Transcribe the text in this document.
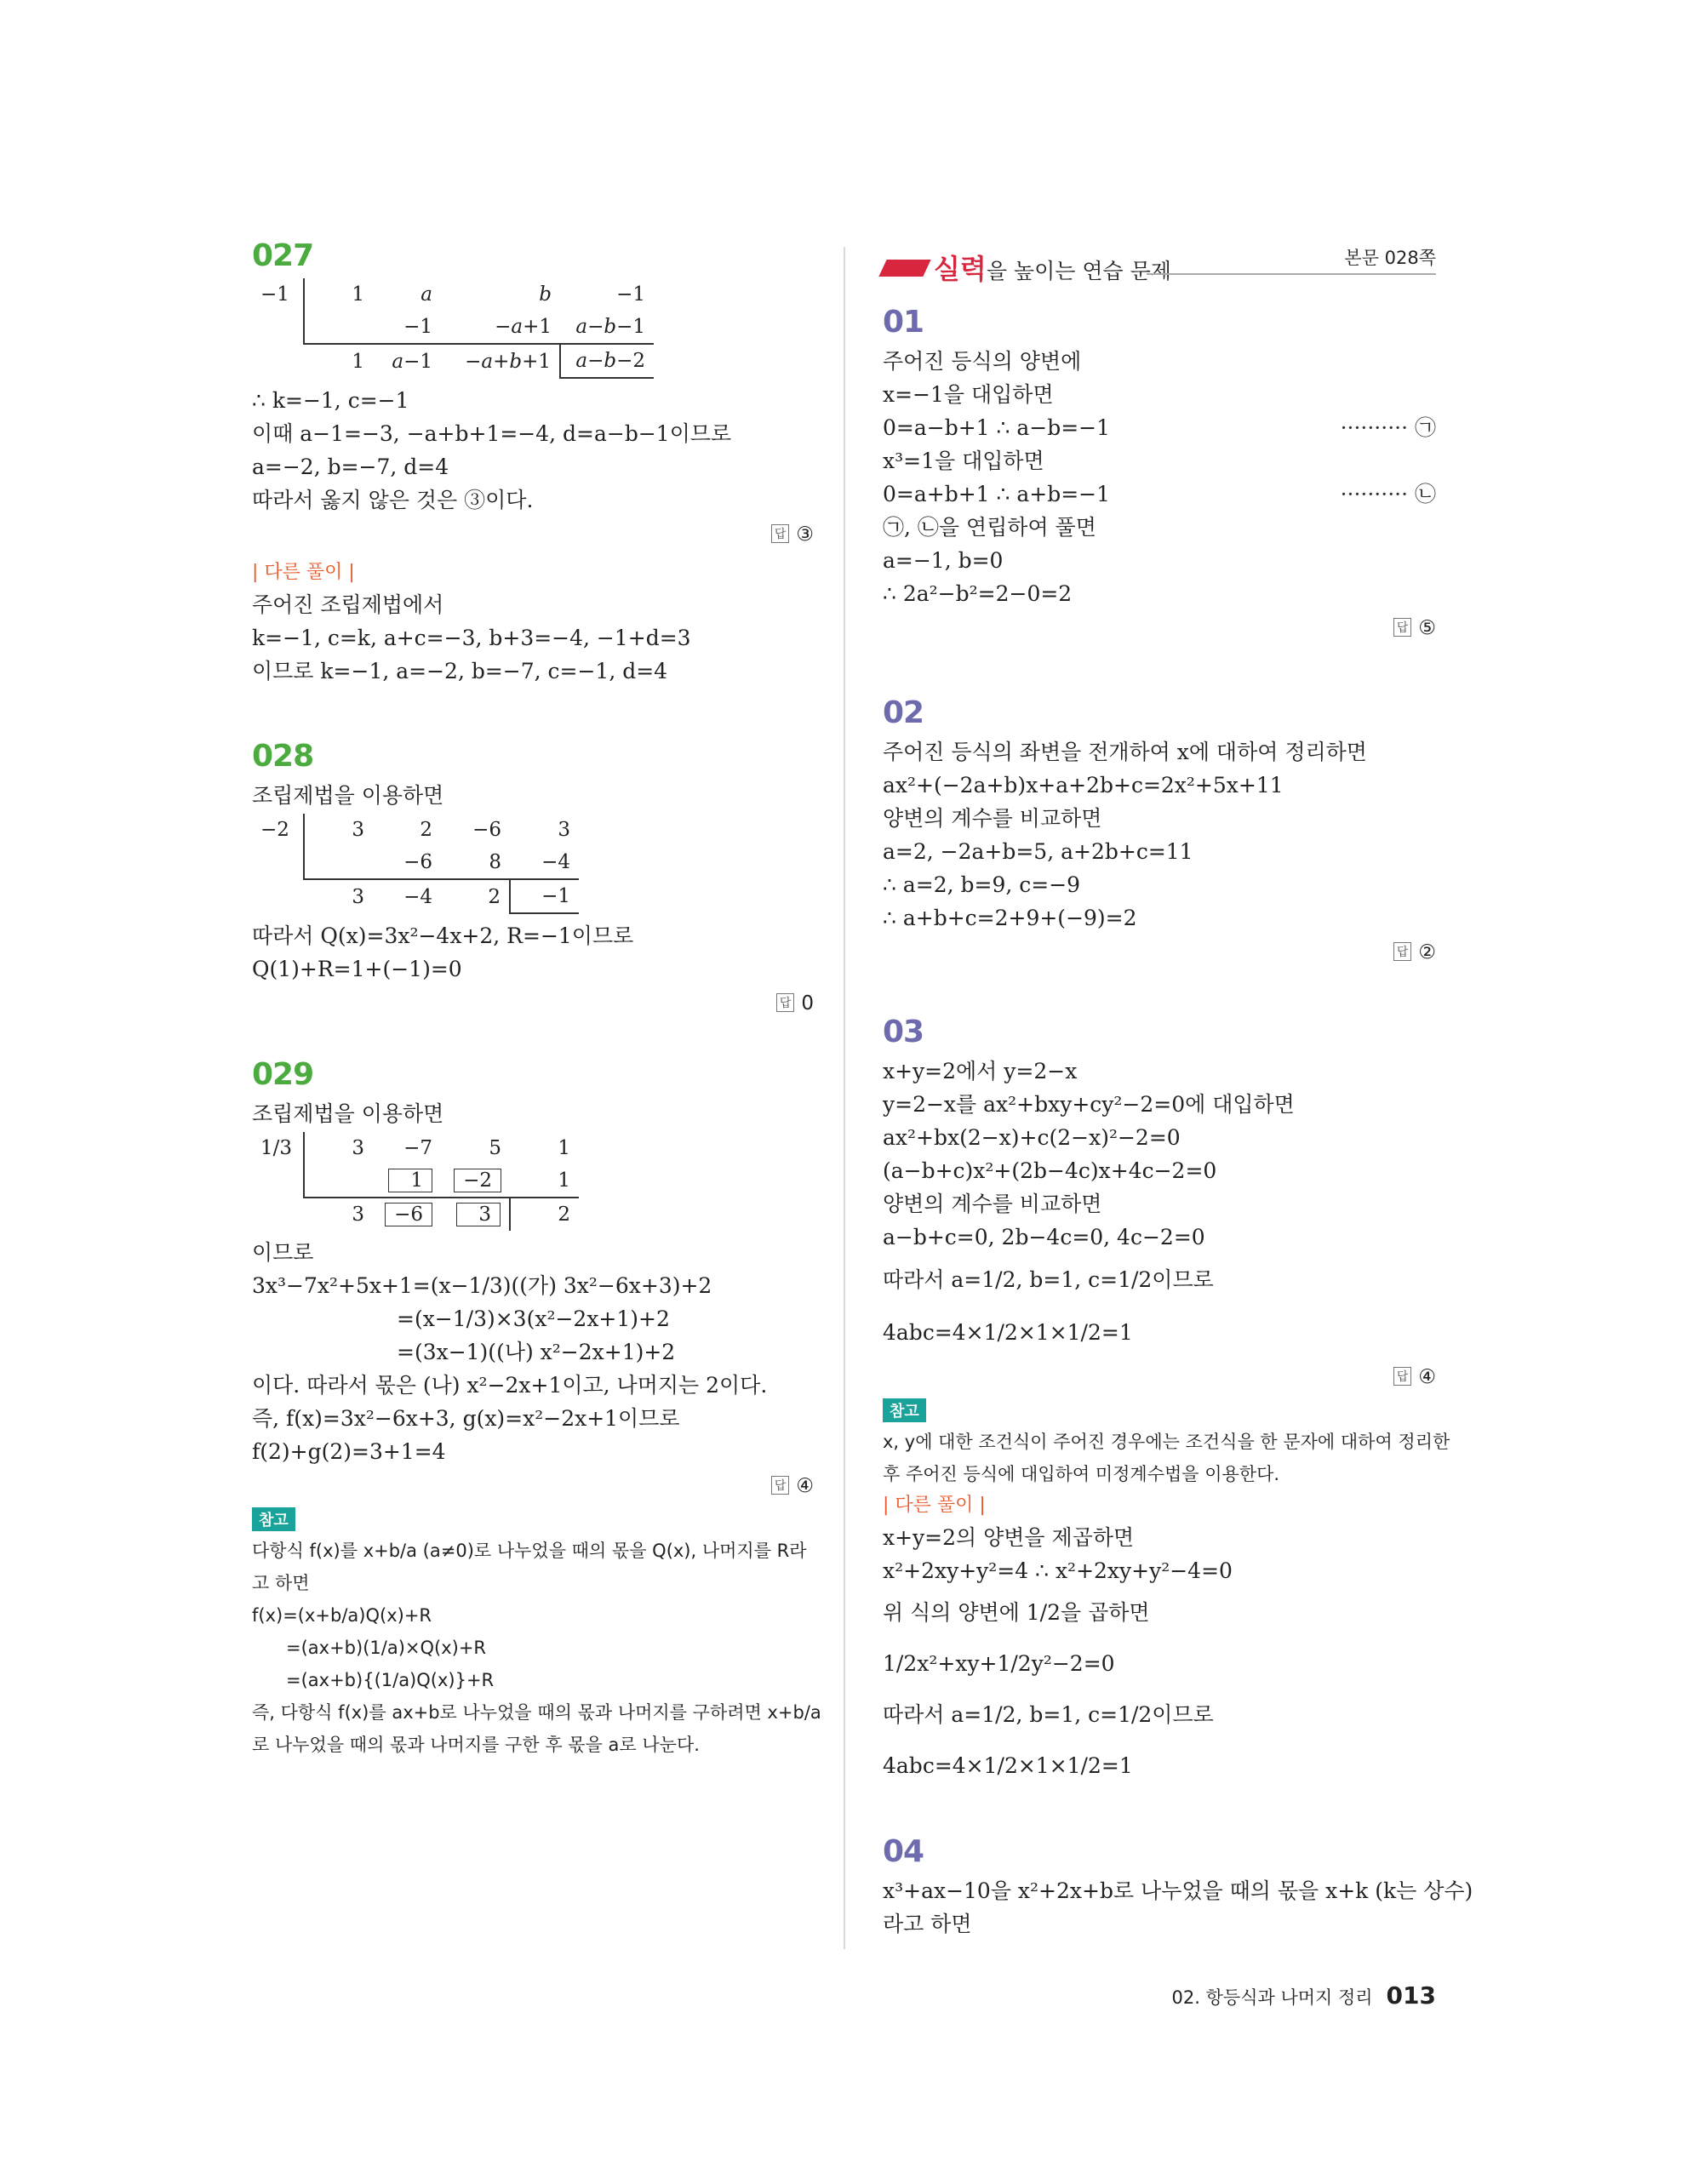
027
−1	1	a	b	−1
		−1	−a+1	a−b−1
	1	a−1	−a+b+1	a−b−2
∴ k=−1, c=−1
이때 a−1=−3, −a+b+1=−4, d=a−b−1이므로
a=−2, b=−7, d=4
따라서 옳지 않은 것은 ③이다.
답 ③
| 다른 풀이 |
주어진 조립제법에서
k=−1, c=k, a+c=−3, b+3=−4, −1+d=3
이므로 k=−1, a=−2, b=−7, c=−1, d=4
028
조립제법을 이용하면
−2	3	2	−6	3
		−6	8	−4
	3	−4	2	−1
따라서 Q(x)=3x²−4x+2, R=−1이므로
Q(1)+R=1+(−1)=0
답 0
029
조립제법을 이용하면
1/3	3	−7	5	1
		1	−2	1
	3	−6	3	2
이므로
3x³−7x²+5x+1=(x−1/3)((가) 3x²−6x+3)+2
=(x−1/3)×3(x²−2x+1)+2
=(3x−1)((나) x²−2x+1)+2
이다. 따라서 몫은 (나) x²−2x+1이고, 나머지는 2이다.
즉, f(x)=3x²−6x+3, g(x)=x²−2x+1이므로
f(2)+g(2)=3+1=4
답 ④
참고
다항식 f(x)를 x+b/a (a≠0)로 나누었을 때의 몫을 Q(x), 나머지를 R라
고 하면
f(x)=(x+b/a)Q(x)+R
=(ax+b)(1/a)×Q(x)+R
=(ax+b){(1/a)Q(x)}+R
즉, 다항식 f(x)를 ax+b로 나누었을 때의 몫과 나머지를 구하려면 x+b/a
로 나누었을 때의 몫과 나머지를 구한 후 몫을 a로 나눈다.
실력을 높이는 연습 문제
본문 028쪽
01
주어진 등식의 양변에
x=−1을 대입하면
0=a−b+1 ∴ a−b=−1	·········· ㉠
x³=1을 대입하면
0=a+b+1 ∴ a+b=−1	·········· ㉡
㉠, ㉡을 연립하여 풀면
a=−1, b=0
∴ 2a²−b²=2−0=2
답 ⑤
02
주어진 등식의 좌변을 전개하여 x에 대하여 정리하면
ax²+(−2a+b)x+a+2b+c=2x²+5x+11
양변의 계수를 비교하면
a=2, −2a+b=5, a+2b+c=11
∴ a=2, b=9, c=−9
∴ a+b+c=2+9+(−9)=2
답 ②
03
x+y=2에서 y=2−x
y=2−x를 ax²+bxy+cy²−2=0에 대입하면
ax²+bx(2−x)+c(2−x)²−2=0
(a−b+c)x²+(2b−4c)x+4c−2=0
양변의 계수를 비교하면
a−b+c=0, 2b−4c=0, 4c−2=0
따라서 a=1/2, b=1, c=1/2이므로
4abc=4×1/2×1×1/2=1
답 ④
참고
x, y에 대한 조건식이 주어진 경우에는 조건식을 한 문자에 대하여 정리한
후 주어진 등식에 대입하여 미정계수법을 이용한다.
| 다른 풀이 |
x+y=2의 양변을 제곱하면
x²+2xy+y²=4 ∴ x²+2xy+y²−4=0
위 식의 양변에 1/2을 곱하면
1/2x²+xy+1/2y²−2=0
따라서 a=1/2, b=1, c=1/2이므로
4abc=4×1/2×1×1/2=1
04
x³+ax−10을 x²+2x+b로 나누었을 때의 몫을 x+k (k는 상수)
라고 하면
02. 항등식과 나머지 정리 013
